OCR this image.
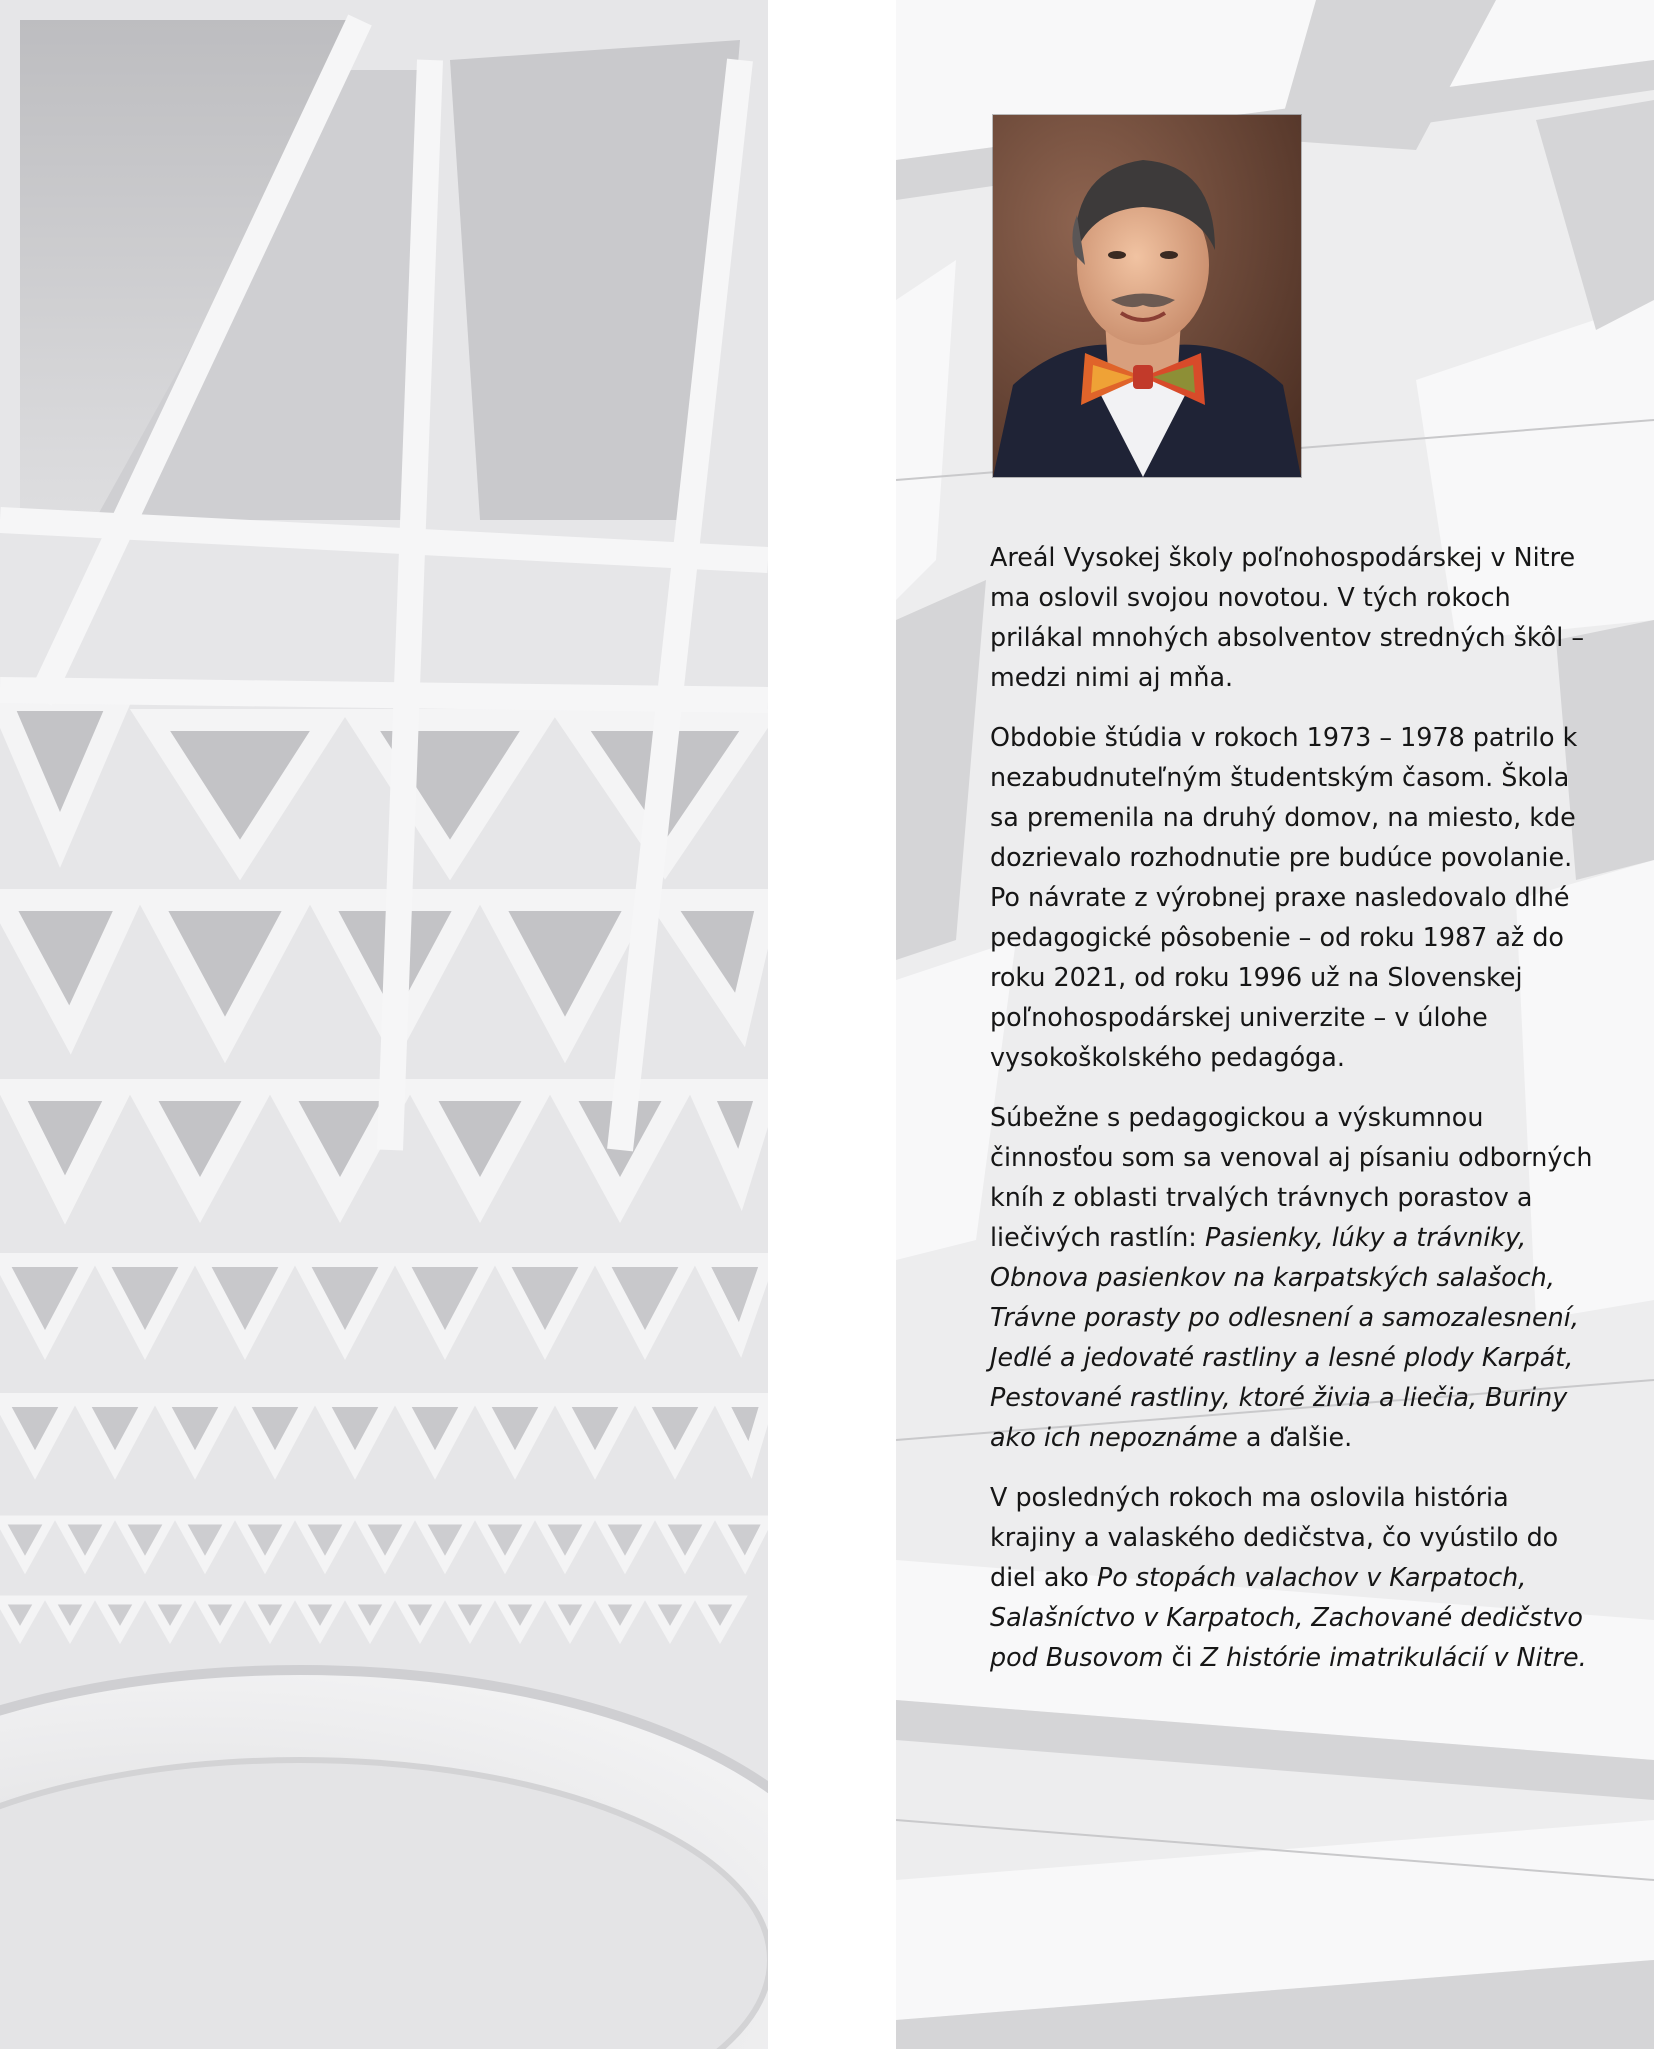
Areál Vysokej školy poľnohospodárskej v Nitre ma oslovil svojou novotou. V tých rokoch prilákal mnohých absolventov stredných škôl – medzi nimi aj mňa.

Obdobie štúdia v rokoch 1973 – 1978 patrilo k nezabudnuteľným študentským časom. Škola sa premenila na druhý domov, na miesto, kde dozrievalo rozhodnutie pre budúce povolanie. Po návrate z výrobnej praxe nasledovalo dlhé pedagogické pôsobenie – od roku 1987 až do roku 2021, od roku 1996 už na Slovenskej poľnohospodárskej univerzite – v úlohe vysokoškolského pedagóga.

Súbežne s pedagogickou a výskumnou činnosťou som sa venoval aj písaniu odborných kníh z oblasti trvalých trávnych porastov a liečivých rastlín: Pasienky, lúky a trávniky, Obnova pasienkov na karpatských salašoch, Trávne porasty po odlesnení a samozalesnení, Jedlé a jedovaté rastliny a lesné plody Karpát, Pestované rastliny, ktoré živia a liečia, Buriny ako ich nepoznáme a ďalšie.

V posledných rokoch ma oslovila história krajiny a valaského dedičstva, čo vyústilo do diel ako Po stopách valachov v Karpatoch, Salašníctvo v Karpatoch, Zachované dedičstvo pod Busovom či Z histórie imatrikulácií v Nitre.
